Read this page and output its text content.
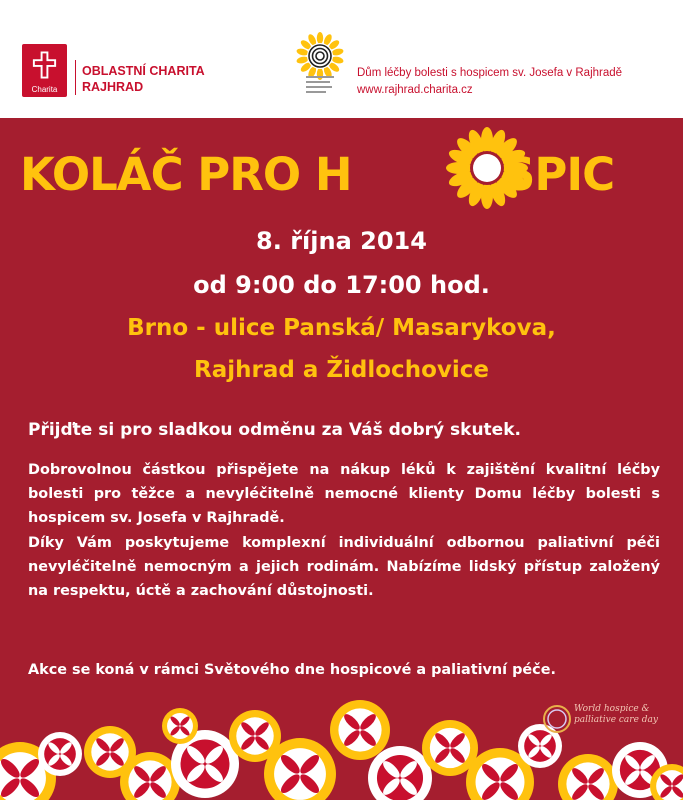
Charita
OBLASTNÍ CHARITA
RAJHRAD
Dům léčby bolesti s hospicem sv. Josefa v Rajhradě
www.rajhrad.charita.cz
KOLÁČ PRO H	SPIC
8. října 2014
od 9:00 do 17:00 hod.
Brno - ulice Panská/ Masarykova,
Rajhrad a Židlochovice
Přijďte si pro sladkou odměnu za Váš dobrý skutek.

Dobrovolnou částkou přispějete na nákup léků k zajištění kvalitní léčby bolesti pro těžce a nevyléčitelně nemocné klienty Domu léčby bolesti s hospicem sv. Josefa v Rajhradě.

Díky Vám poskytujeme komplexní individuální odbornou paliativní péči nevyléčitelně nemocným a jejich rodinám. Nabízíme lidský přístup založený na respektu, úctě a zachování důstojnosti.

Akce se koná v rámci Světového dne hospicové a paliativní péče.
World hospice &
palliative care day
